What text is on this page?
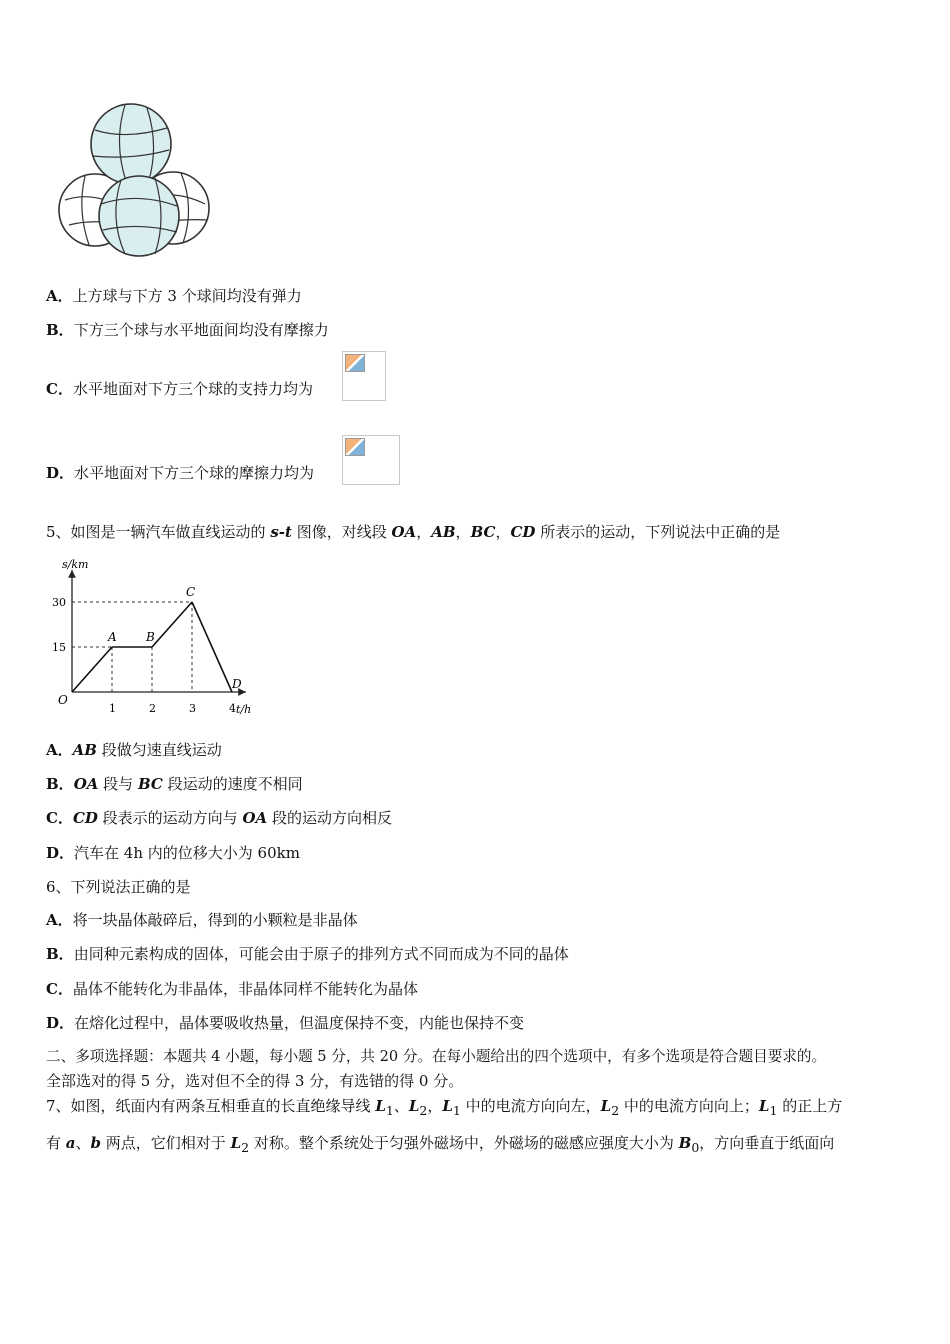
A．上方球与下方 3 个球间均没有弹力
B．下方三个球与水平地面间均没有摩擦力
C．水平地面对下方三个球的支持力均为
D．水平地面对下方三个球的摩擦力均为
5、如图是一辆汽车做直线运动的 s-t 图像，对线段 OA，AB，BC，CD 所表示的运动，下列说法中正确的是
s/km
t/h
O
1	2	3	4
15
30
A B
C
D
A．AB 段做匀速直线运动
B．OA 段与 BC 段运动的速度不相同
C．CD 段表示的运动方向与 OA 段的运动方向相反
D．汽车在 4h 内的位移大小为 60km
6、下列说法正确的是
A．将一块晶体敲碎后，得到的小颗粒是非晶体
B．由同种元素构成的固体，可能会由于原子的排列方式不同而成为不同的晶体
C．晶体不能转化为非晶体，非晶体同样不能转化为晶体
D．在熔化过程中，晶体要吸收热量，但温度保持不变，内能也保持不变
二、多项选择题：本题共 4 小题，每小题 5 分，共 20 分。在每小题给出的四个选项中，有多个选项是符合题目要求的。
全部选对的得 5 分，选对但不全的得 3 分，有选错的得 0 分。
7、如图，纸面内有两条互相垂直的长直绝缘导线 $L_1$、$L_2$，$L_1$ 中的电流方向向左，$L_2$ 中的电流方向向上；$L_1$ 的正上方
有 a、b 两点，它们相对于 $L_2$ 对称。整个系统处于匀强外磁场中，外磁场的磁感应强度大小为 $B_0$，方向垂直于纸面向
